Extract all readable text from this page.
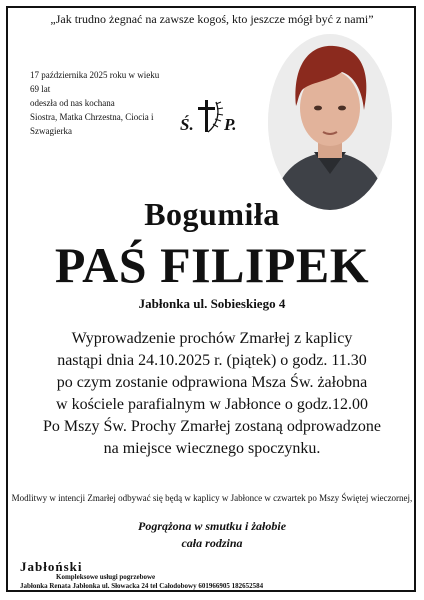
„Jak trudno żegnać na zawsze kogoś, kto jeszcze mógł być z nami”
17 października 2025 roku w wieku 69 lat
odeszła od nas kochana
Siostra, Matka Chrzestna, Ciocia i Szwagierka	Ś. P.
Bogumiła
PAŚ FILIPEK
Jabłonka ul. Sobieskiego 4
Wyprowadzenie prochów Zmarłej z kaplicy
nastąpi dnia 24.10.2025 r. (piątek) o godz. 11.30
po czym zostanie odprawiona Msza Św. żałobna
w kościele parafialnym w Jabłonce o godz.12.00
Po Mszy Św. Prochy Zmarłej zostaną odprowadzone
na miejsce wiecznego spoczynku.
Modlitwy w intencji Zmarłej odbywać się będą w kaplicy w Jabłonce w czwartek po Mszy Świętej wieczornej,
Pogrążona w smutku i żałobie
cała rodzina
Jabłoński
Kompleksowe usługi pogrzebowe
Jabłonka Renata Jabłonka ul. Słowacka 24 tel Całodobowy 601966905 182652584
